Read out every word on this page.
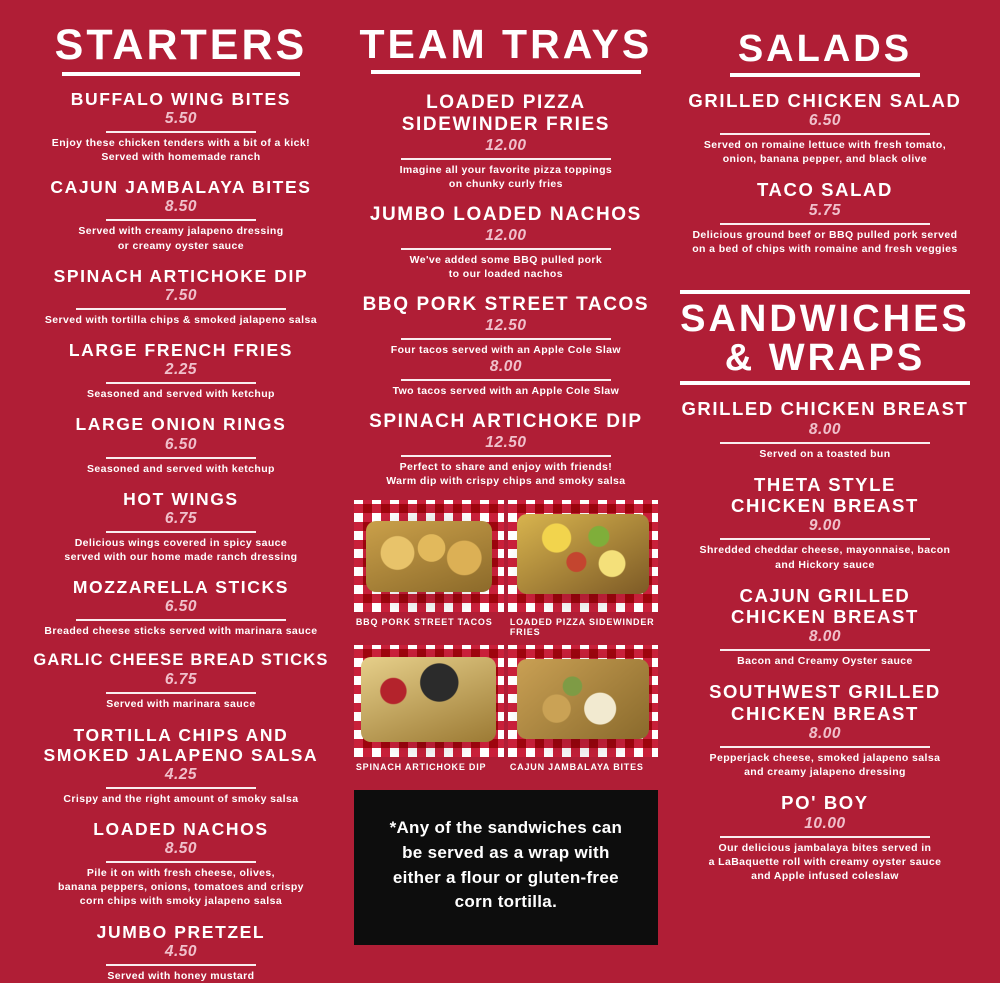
STARTERS
BUFFALO WING BITES
5.50
Enjoy these chicken tenders with a bit of a kick!
Served with homemade ranch
CAJUN JAMBALAYA BITES
8.50
Served with creamy jalapeno dressing
or creamy oyster sauce
SPINACH ARTICHOKE DIP
7.50
Served with tortilla chips & smoked jalapeno salsa
LARGE FRENCH FRIES
2.25
Seasoned and served with ketchup
LARGE ONION RINGS
6.50
Seasoned and served with ketchup
HOT WINGS
6.75
Delicious wings covered in spicy sauce
served with our home made ranch dressing
MOZZARELLA STICKS
6.50
Breaded cheese sticks served with marinara sauce
GARLIC CHEESE BREAD STICKS
6.75
Served with marinara sauce
TORTILLA CHIPS AND
SMOKED JALAPENO SALSA
4.25
Crispy and the right amount of smoky salsa
LOADED NACHOS
8.50
Pile it on with fresh cheese, olives,
banana peppers, onions, tomatoes and crispy
corn chips with smoky jalapeno salsa
JUMBO PRETZEL
4.50
Served with honey mustard
TEAM TRAYS
LOADED PIZZA
SIDEWINDER FRIES
12.00
Imagine all your favorite pizza toppings
on chunky curly fries
JUMBO LOADED NACHOS
12.00
We've added some BBQ pulled pork
to our loaded nachos
BBQ PORK STREET TACOS
12.50
Four tacos served with an Apple Cole Slaw
8.00
Two tacos served with an Apple Cole Slaw
SPINACH ARTICHOKE DIP
12.50
Perfect to share and enjoy with friends!
Warm dip with crispy chips and smoky salsa
BBQ PORK STREET TACOS	LOADED PIZZA SIDEWINDER FRIES
SPINACH ARTICHOKE DIP	CAJUN JAMBALAYA BITES
*Any of the sandwiches can be served as a wrap with either a flour or gluten-free corn tortilla.
SALADS
GRILLED CHICKEN SALAD
6.50
Served on romaine lettuce with fresh tomato,
onion, banana pepper, and black olive
TACO SALAD
5.75
Delicious ground beef or BBQ pulled pork served
on a bed of chips with romaine and fresh veggies
SANDWICHES
& WRAPS
GRILLED CHICKEN BREAST
8.00
Served on a toasted bun
THETA STYLE
CHICKEN BREAST
9.00
Shredded cheddar cheese, mayonnaise, bacon
and Hickory sauce
CAJUN GRILLED
CHICKEN BREAST
8.00
Bacon and Creamy Oyster sauce
SOUTHWEST GRILLED
CHICKEN BREAST
8.00
Pepperjack cheese, smoked jalapeno salsa
and creamy jalapeno dressing
PO' BOY
10.00
Our delicious jambalaya bites served in
a LaBaquette roll with creamy oyster sauce
and Apple infused coleslaw
